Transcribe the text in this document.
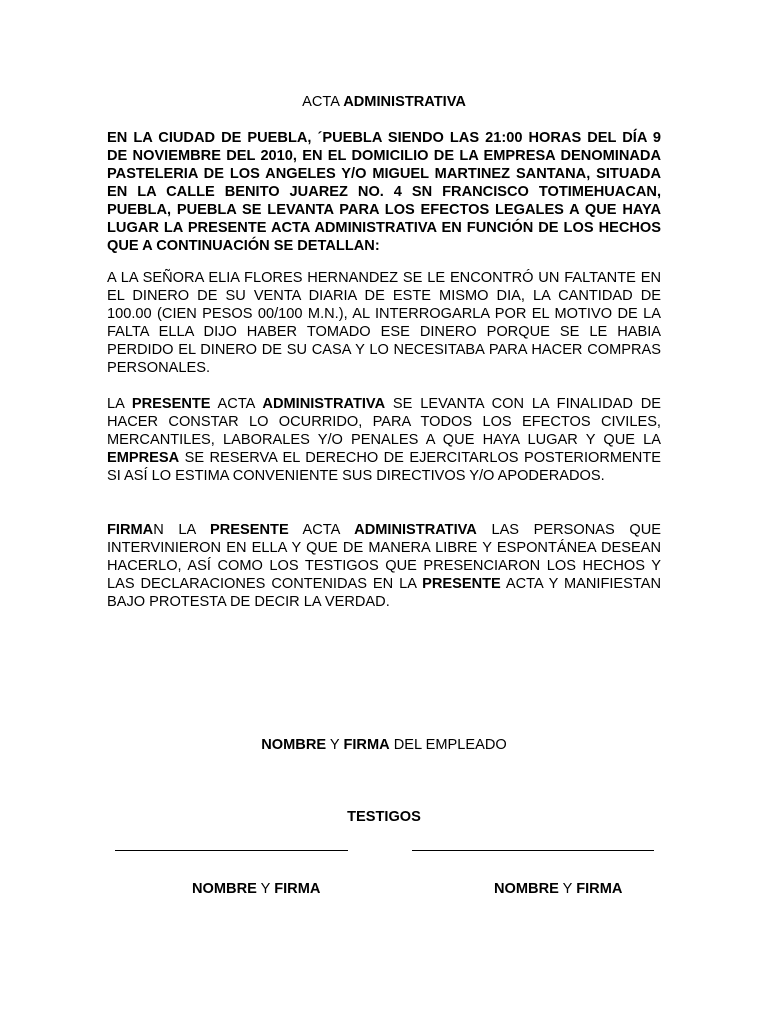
ACTA ADMINISTRATIVA

EN LA CIUDAD DE PUEBLA, ´PUEBLA SIENDO LAS 21:00 HORAS DEL DÍA 9 DE NOVIEMBRE DEL 2010, EN EL DOMICILIO DE LA EMPRESA DENOMINADA PASTELERIA DE LOS ANGELES Y/O MIGUEL MARTINEZ SANTANA, SITUADA EN LA CALLE BENITO JUAREZ NO. 4 SN FRANCISCO TOTIMEHUACAN, PUEBLA, PUEBLA SE LEVANTA PARA LOS EFECTOS LEGALES A QUE HAYA LUGAR LA PRESENTE ACTA ADMINISTRATIVA EN FUNCIÓN DE LOS HECHOS QUE A CONTINUACIÓN SE DETALLAN:

A LA SEÑORA ELIA FLORES HERNANDEZ SE LE ENCONTRÓ UN FALTANTE EN EL DINERO DE SU VENTA DIARIA DE ESTE MISMO DIA, LA CANTIDAD DE 100.00 (CIEN PESOS 00/100 M.N.), AL INTERROGARLA POR EL MOTIVO DE LA FALTA ELLA DIJO HABER TOMADO ESE DINERO PORQUE SE LE HABIA PERDIDO EL DINERO DE SU CASA Y LO NECESITABA PARA HACER COMPRAS PERSONALES.

LA PRESENTE ACTA ADMINISTRATIVA SE LEVANTA CON LA FINALIDAD DE HACER CONSTAR LO OCURRIDO, PARA TODOS LOS EFECTOS CIVILES, MERCANTILES, LABORALES Y/O PENALES A QUE HAYA LUGAR Y QUE LA EMPRESA SE RESERVA EL DERECHO DE EJERCITARLOS POSTERIORMENTE SI ASÍ LO ESTIMA CONVENIENTE SUS DIRECTIVOS Y/O APODERADOS.

FIRMAN LA PRESENTE ACTA ADMINISTRATIVA LAS PERSONAS QUE INTERVINIERON EN ELLA Y QUE DE MANERA LIBRE Y ESPONTÁNEA DESEAN HACERLO, ASÍ COMO LOS TESTIGOS QUE PRESENCIARON LOS HECHOS Y LAS DECLARACIONES CONTENIDAS EN LA PRESENTE ACTA Y MANIFIESTAN BAJO PROTESTA DE DECIR LA VERDAD.

NOMBRE Y FIRMA DEL EMPLEADO
TESTIGOS
NOMBRE Y FIRMA	NOMBRE Y FIRMA
